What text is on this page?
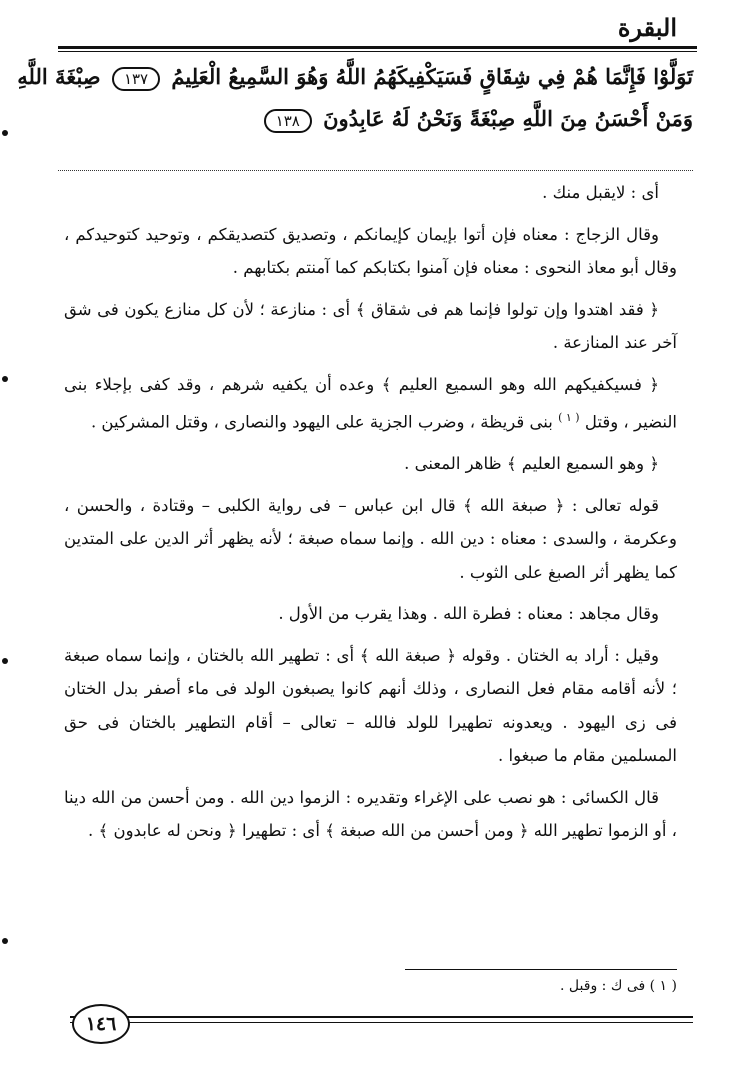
البقرة
تَوَلَّوْا فَإِنَّمَا هُمْ فِي شِقَاقٍ فَسَيَكْفِيكَهُمُ اللَّهُ وَهُوَ السَّمِيعُ الْعَلِيمُ ١٣٧ صِبْغَةَ اللَّهِ
وَمَنْ أَحْسَنُ مِنَ اللَّهِ صِبْغَةً وَنَحْنُ لَهُ عَابِدُونَ ١٣٨

أى : لايقبل منك .

وقال الزجاج : معناه فإن أتوا بإيمان كإيمانكم ، وتصديق كتصديقكم ، وتوحيد كتوحيدكم ، وقال أبو معاذ النحوى : معناه فإن آمنوا بكتابكم كما آمنتم بكتابهم .

﴿ فقد اهتدوا وإن تولوا فإنما هم فى شقاق ﴾ أى : منازعة ؛ لأن كل منازع يكون فى شق آخر عند المنازعة .

﴿ فسيكفيكهم الله وهو السميع العليم ﴾ وعده أن يكفيه شرهم ، وقد كفى بإجلاء بنى النضير ، وقتل $^{( ١ )}$ بنى قريظة ، وضرب الجزية على اليهود والنصارى ، وقتل المشركين .

﴿ وهو السميع العليم ﴾ ظاهر المعنى .

قوله تعالى : ﴿ صبغة الله ﴾ قال ابن عباس – فى رواية الكلبى – وقتادة ، والحسن ، وعكرمة ، والسدى : معناه : دين الله . وإنما سماه صبغة ؛ لأنه يظهر أثر الدين على المتدين كما يظهر أثر الصبغ على الثوب .

وقال مجاهد : معناه : فطرة الله . وهذا يقرب من الأول .

وقيل : أراد به الختان . وقوله ﴿ صبغة الله ﴾ أى : تطهير الله بالختان ، وإنما سماه صبغة ؛ لأنه أقامه مقام فعل النصارى ، وذلك أنهم كانوا يصبغون الولد فى ماء أصفر بدل الختان فى زى اليهود . ويعدونه تطهيرا للولد فالله – تعالى – أقام التطهير بالختان فى حق المسلمين مقام ما صبغوا .

قال الكسائى : هو نصب على الإغراء وتقديره : الزموا دين الله . ومن أحسن من الله دينا ، أو الزموا تطهير الله ﴿ ومن أحسن من الله صبغة ﴾ أى : تطهيرا ﴿ ونحن له عابدون ﴾ .

( ١ ) فى ك : وقبل .
١٤٦
